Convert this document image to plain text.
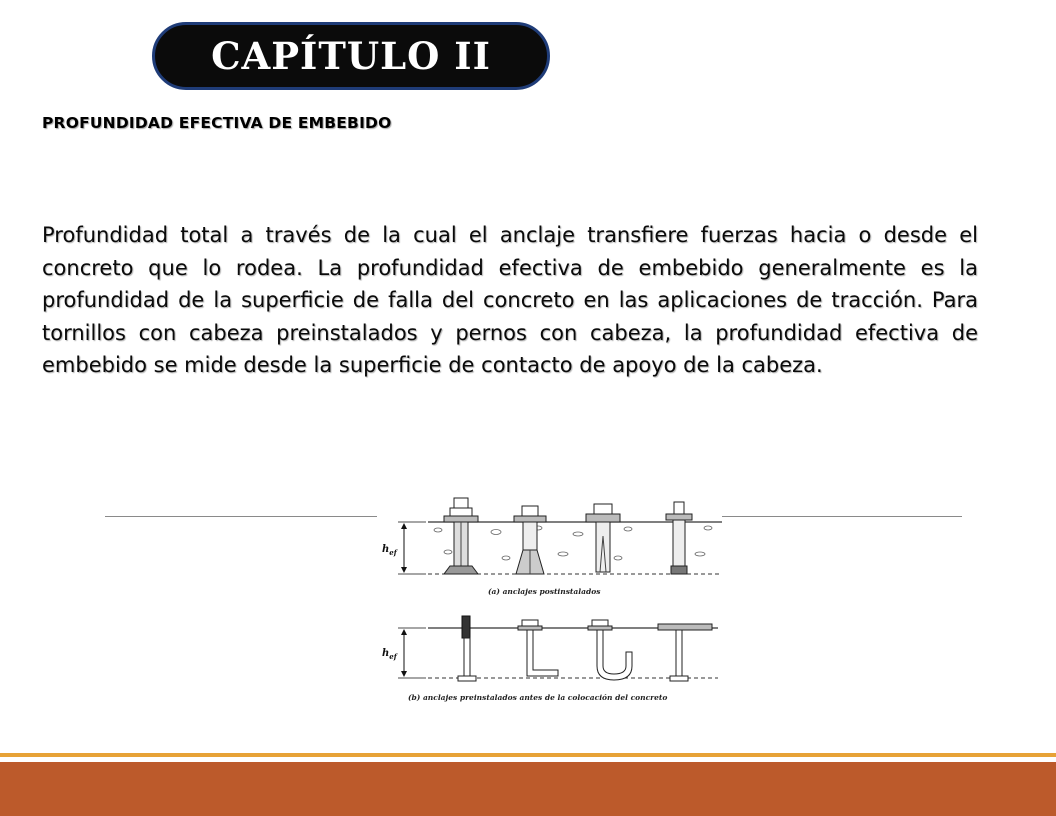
CAPÍTULO II
PROFUNDIDAD EFECTIVA DE EMBEBIDO

Profundidad total a través de la cual el anclaje transfiere fuerzas hacia o desde el concreto que lo rodea. La profundidad efectiva de embebido generalmente es la profundidad de la superficie de falla del concreto en las aplicaciones de tracción. Para tornillos con cabeza preinstalados y pernos con cabeza, la profundidad efectiva de embebido se mide desde la superficie de contacto de apoyo de la cabeza.

$h_{ef}$
(a) anclajes postinstalados
$h_{ef}$
(b) anclajes preinstalados antes de la colocación del concreto
